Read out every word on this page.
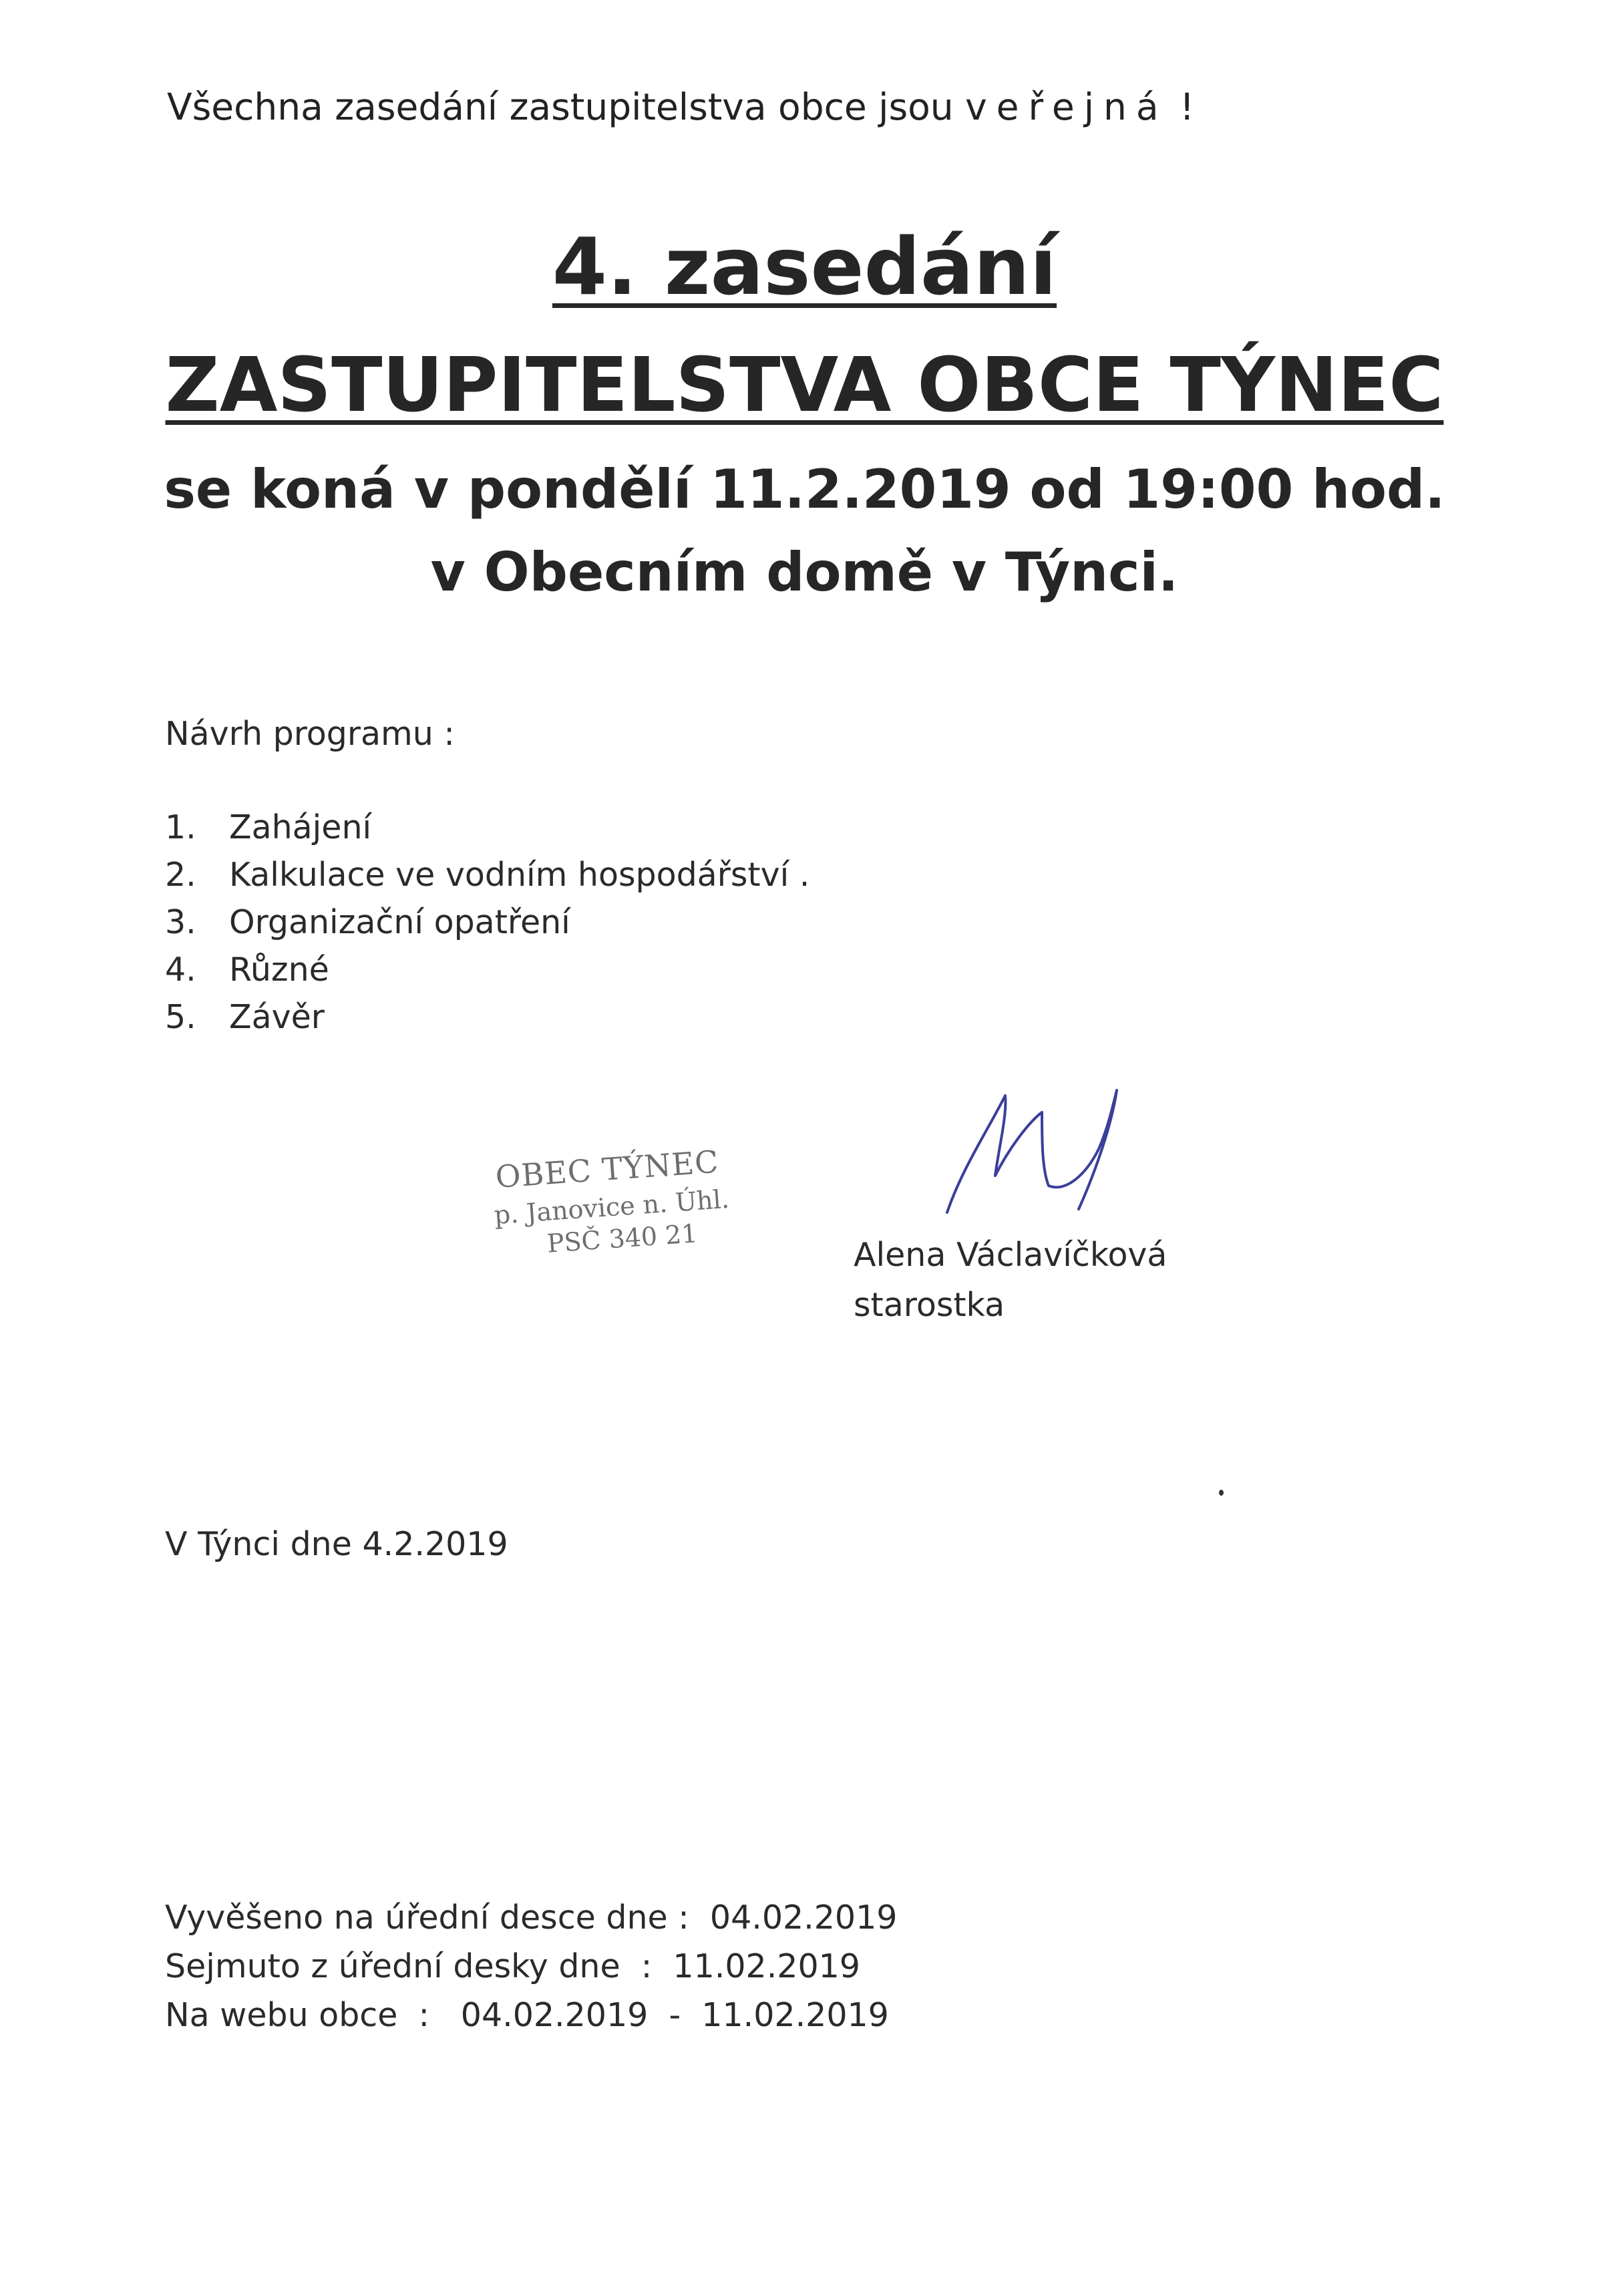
Všechna zasedání zastupitelstva obce jsou veřejná !
4. zasedání
ZASTUPITELSTVA OBCE TÝNEC
se koná v pondělí 11.2.2019 od 19:00 hod.
v Obecním domě v Týnci.
Návrh programu :
1. Zahájení
2. Kalkulace ve vodním hospodářství .
3. Organizační opatření
4. Různé
5. Závěr
OBEC TÝNEC
p. Janovice n. Úhl.
PSČ 340 21	Alena Václavíčková
starostka
V Týnci dne 4.2.2019
Vyvěšeno na úřední desce dne :  04.02.2019
Sejmuto z úřední desky dne  :  11.02.2019
Na webu obce  :   04.02.2019  -  11.02.2019
